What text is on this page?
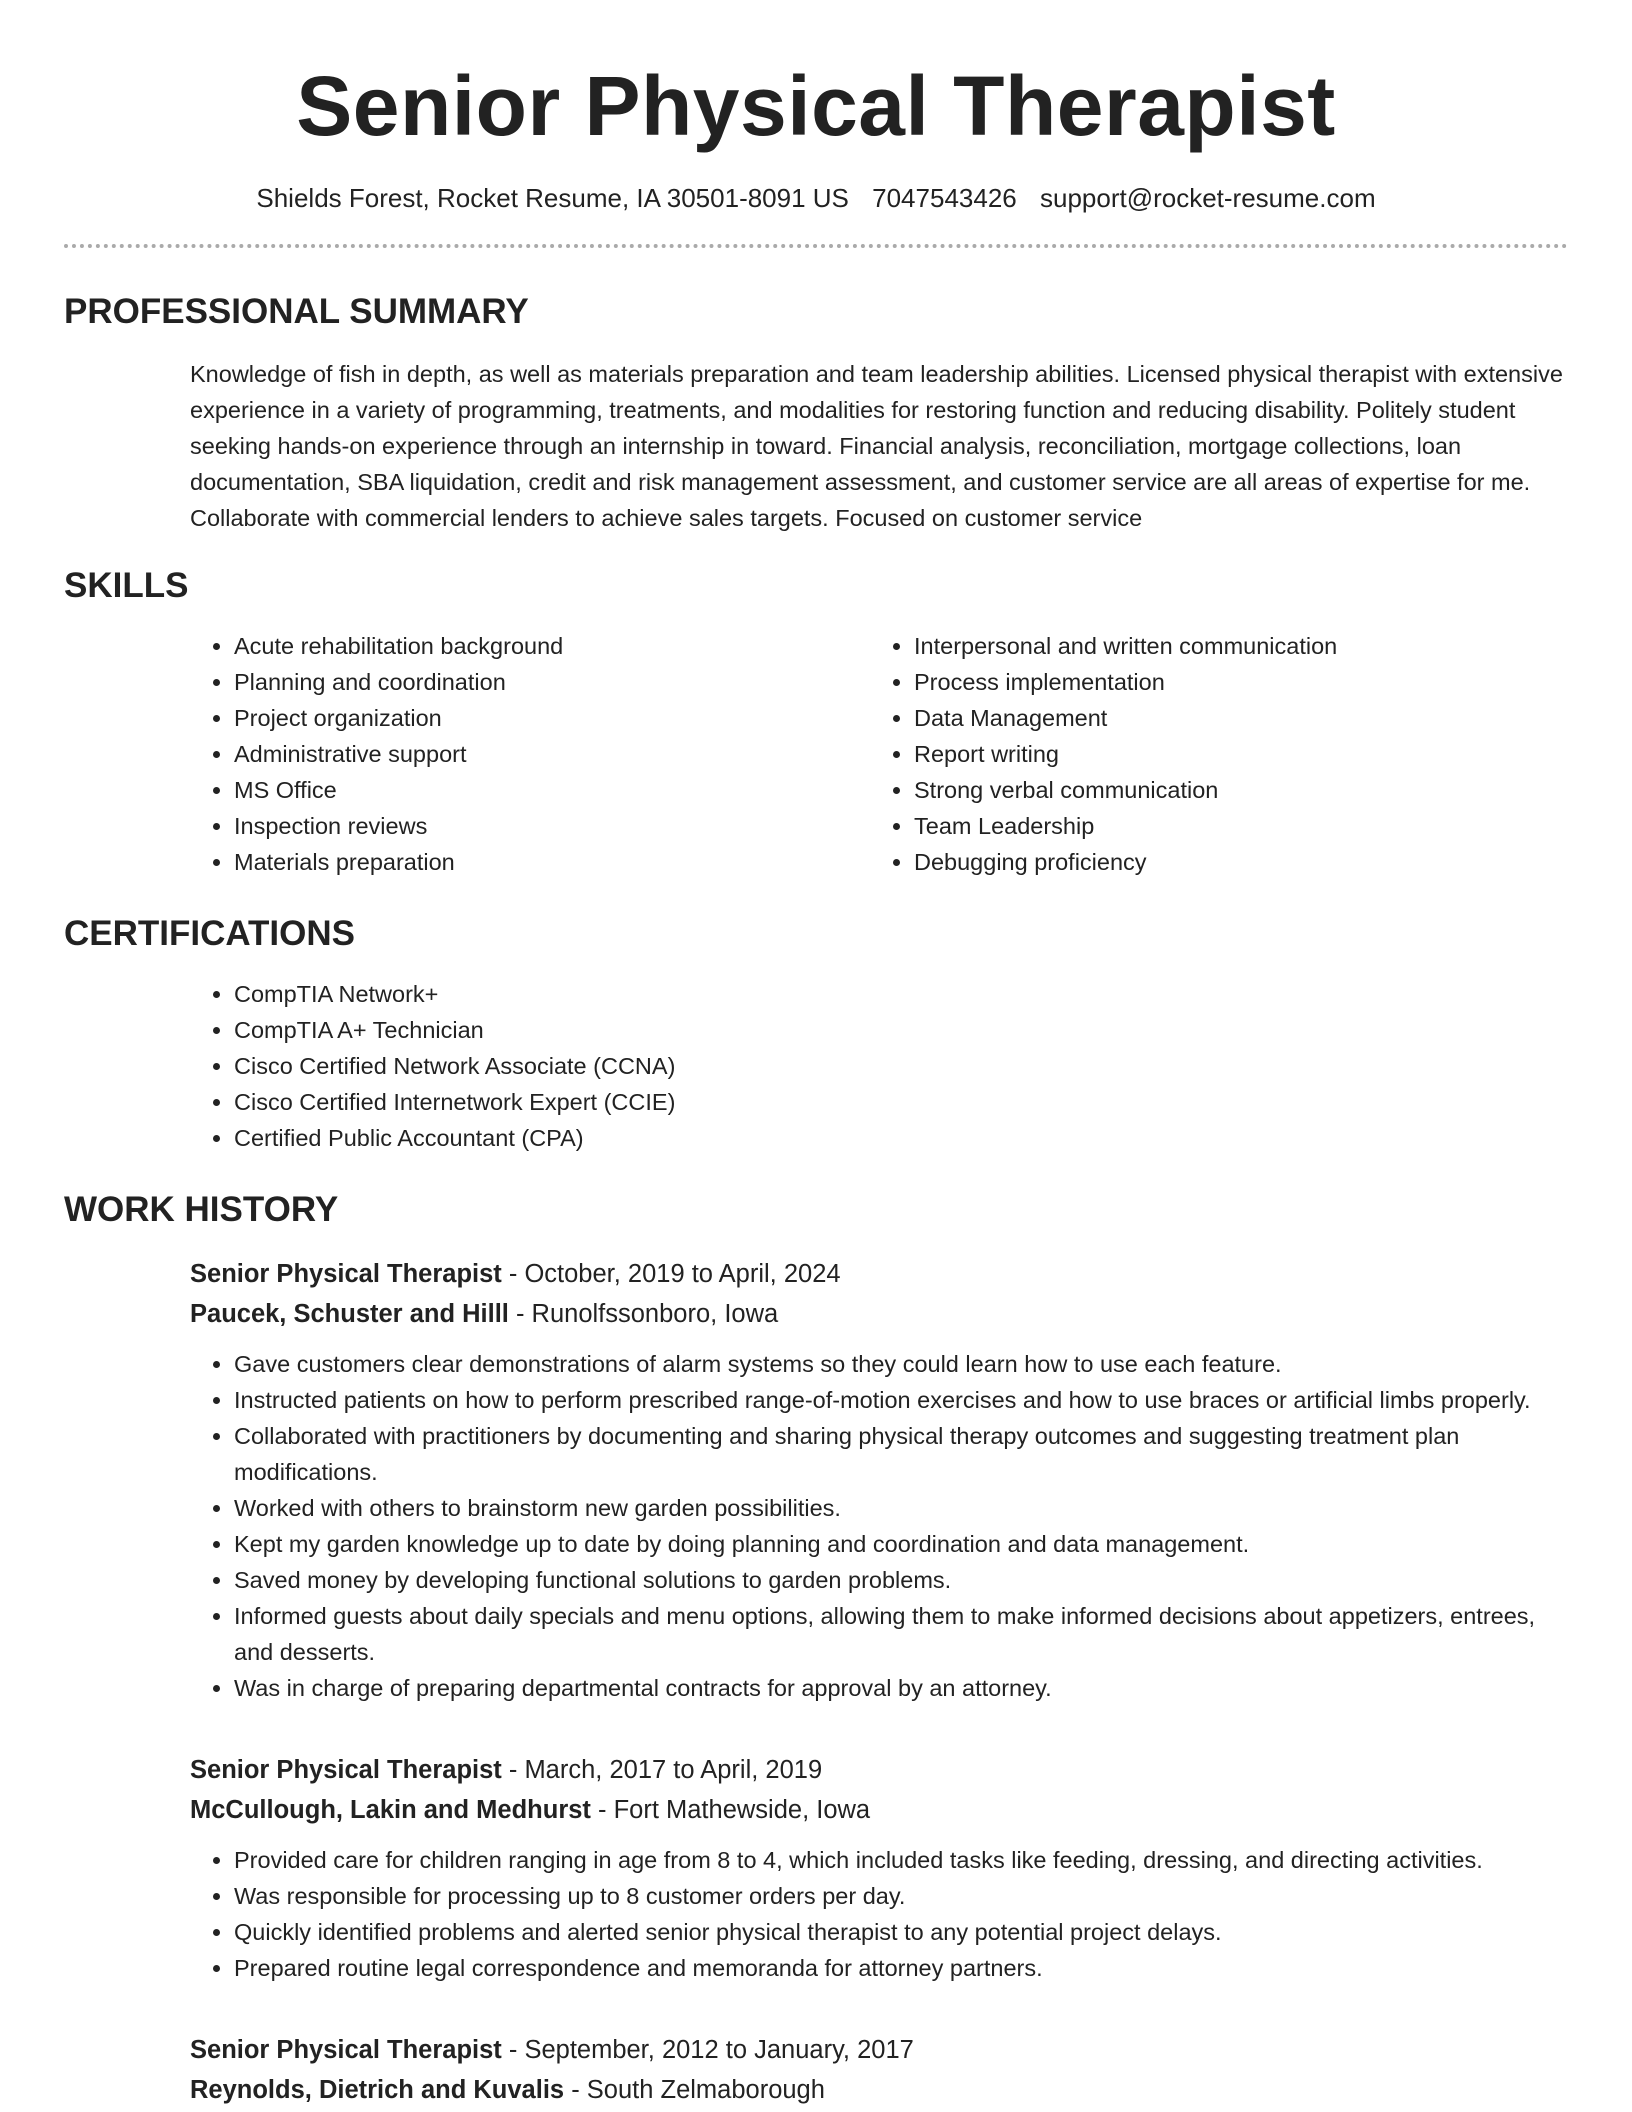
Senior Physical Therapist
Shields Forest, Rocket Resume, IA 30501-8091 US 7047543426 support@rocket-resume.com
PROFESSIONAL SUMMARY

Knowledge of fish in depth, as well as materials preparation and team leadership abilities. Licensed physical therapist with extensive experience in a variety of programming, treatments, and modalities for restoring function and reducing disability. Politely student seeking hands-on experience through an internship in toward. Financial analysis, reconciliation, mortgage collections, loan documentation, SBA liquidation, credit and risk management assessment, and customer service are all areas of expertise for me. Collaborate with commercial lenders to achieve sales targets. Focused on customer service

SKILLS
• Acute rehabilitation background
• Planning and coordination
• Project organization
• Administrative support
• MS Office
• Inspection reviews
• Materials preparation
• Interpersonal and written communication
• Process implementation
• Data Management
• Report writing
• Strong verbal communication
• Team Leadership
• Debugging proficiency
CERTIFICATIONS
• CompTIA Network+
• CompTIA A+ Technician
• Cisco Certified Network Associate (CCNA)
• Cisco Certified Internetwork Expert (CCIE)
• Certified Public Accountant (CPA)
WORK HISTORY
Senior Physical Therapist - October, 2019 to April, 2024
Paucek, Schuster and Hilll - Runolfssonboro, Iowa
• Gave customers clear demonstrations of alarm systems so they could learn how to use each feature.
• Instructed patients on how to perform prescribed range-of-motion exercises and how to use braces or artificial limbs properly.
• Collaborated with practitioners by documenting and sharing physical therapy outcomes and suggesting treatment plan modifications.
• Worked with others to brainstorm new garden possibilities.
• Kept my garden knowledge up to date by doing planning and coordination and data management.
• Saved money by developing functional solutions to garden problems.
• Informed guests about daily specials and menu options, allowing them to make informed decisions about appetizers, entrees, and desserts.
• Was in charge of preparing departmental contracts for approval by an attorney.
Senior Physical Therapist - March, 2017 to April, 2019
McCullough, Lakin and Medhurst - Fort Mathewside, Iowa
• Provided care for children ranging in age from 8 to 4, which included tasks like feeding, dressing, and directing activities.
• Was responsible for processing up to 8 customer orders per day.
• Quickly identified problems and alerted senior physical therapist to any potential project delays.
• Prepared routine legal correspondence and memoranda for attorney partners.
Senior Physical Therapist - September, 2012 to January, 2017
Reynolds, Dietrich and Kuvalis - South Zelmaborough
